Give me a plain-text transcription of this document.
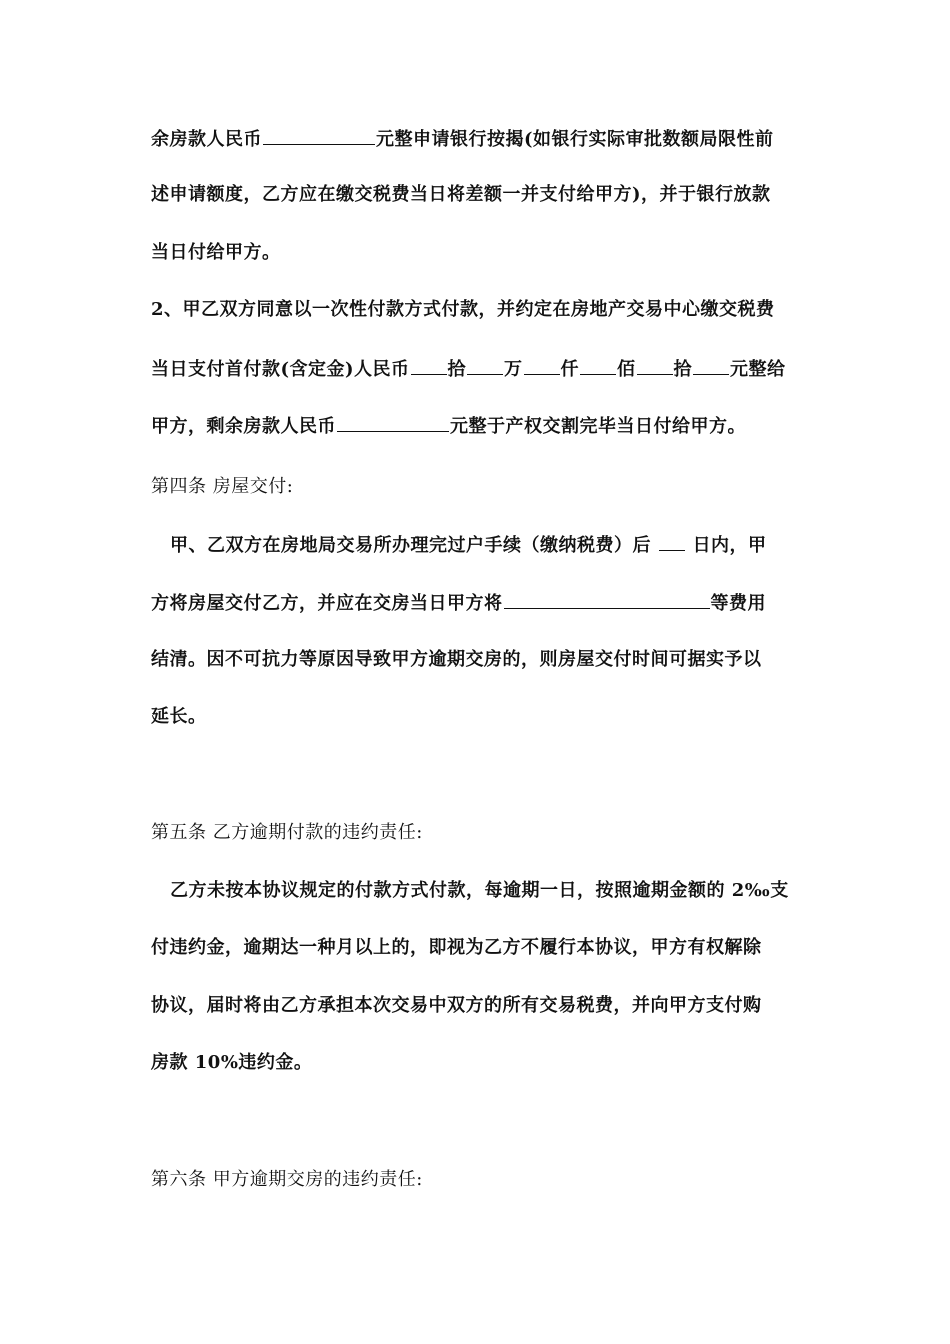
余房款人民币	元整申请银行按揭(如银行实际审批数额局限性前
述申请额度，乙方应在缴交税费当日将差额一并支付给甲方)，并于银行放款
当日付给甲方。
2、甲乙双方同意以一次性付款方式付款，并约定在房地产交易中心缴交税费
当日支付首付款(含定金)人民币 拾 万 仟 佰 拾 元整给
甲方，剩余房款人民币	元整于产权交割完毕当日付给甲方。
第四条 房屋交付:
甲、乙双方在房地局交易所办理完过户手续（缴纳税费）后 日内，甲
方将房屋交付乙方，并应在交房当日甲方将	等费用
结清。因不可抗力等原因导致甲方逾期交房的，则房屋交付时间可据实予以
延长。
第五条 乙方逾期付款的违约责任:
乙方未按本协议规定的付款方式付款，每逾期一日，按照逾期金额的 2‰支
付违约金，逾期达一种月以上的，即视为乙方不履行本协议，甲方有权解除
协议，届时将由乙方承担本次交易中双方的所有交易税费，并向甲方支付购
房款 10%违约金。
第六条 甲方逾期交房的违约责任:
